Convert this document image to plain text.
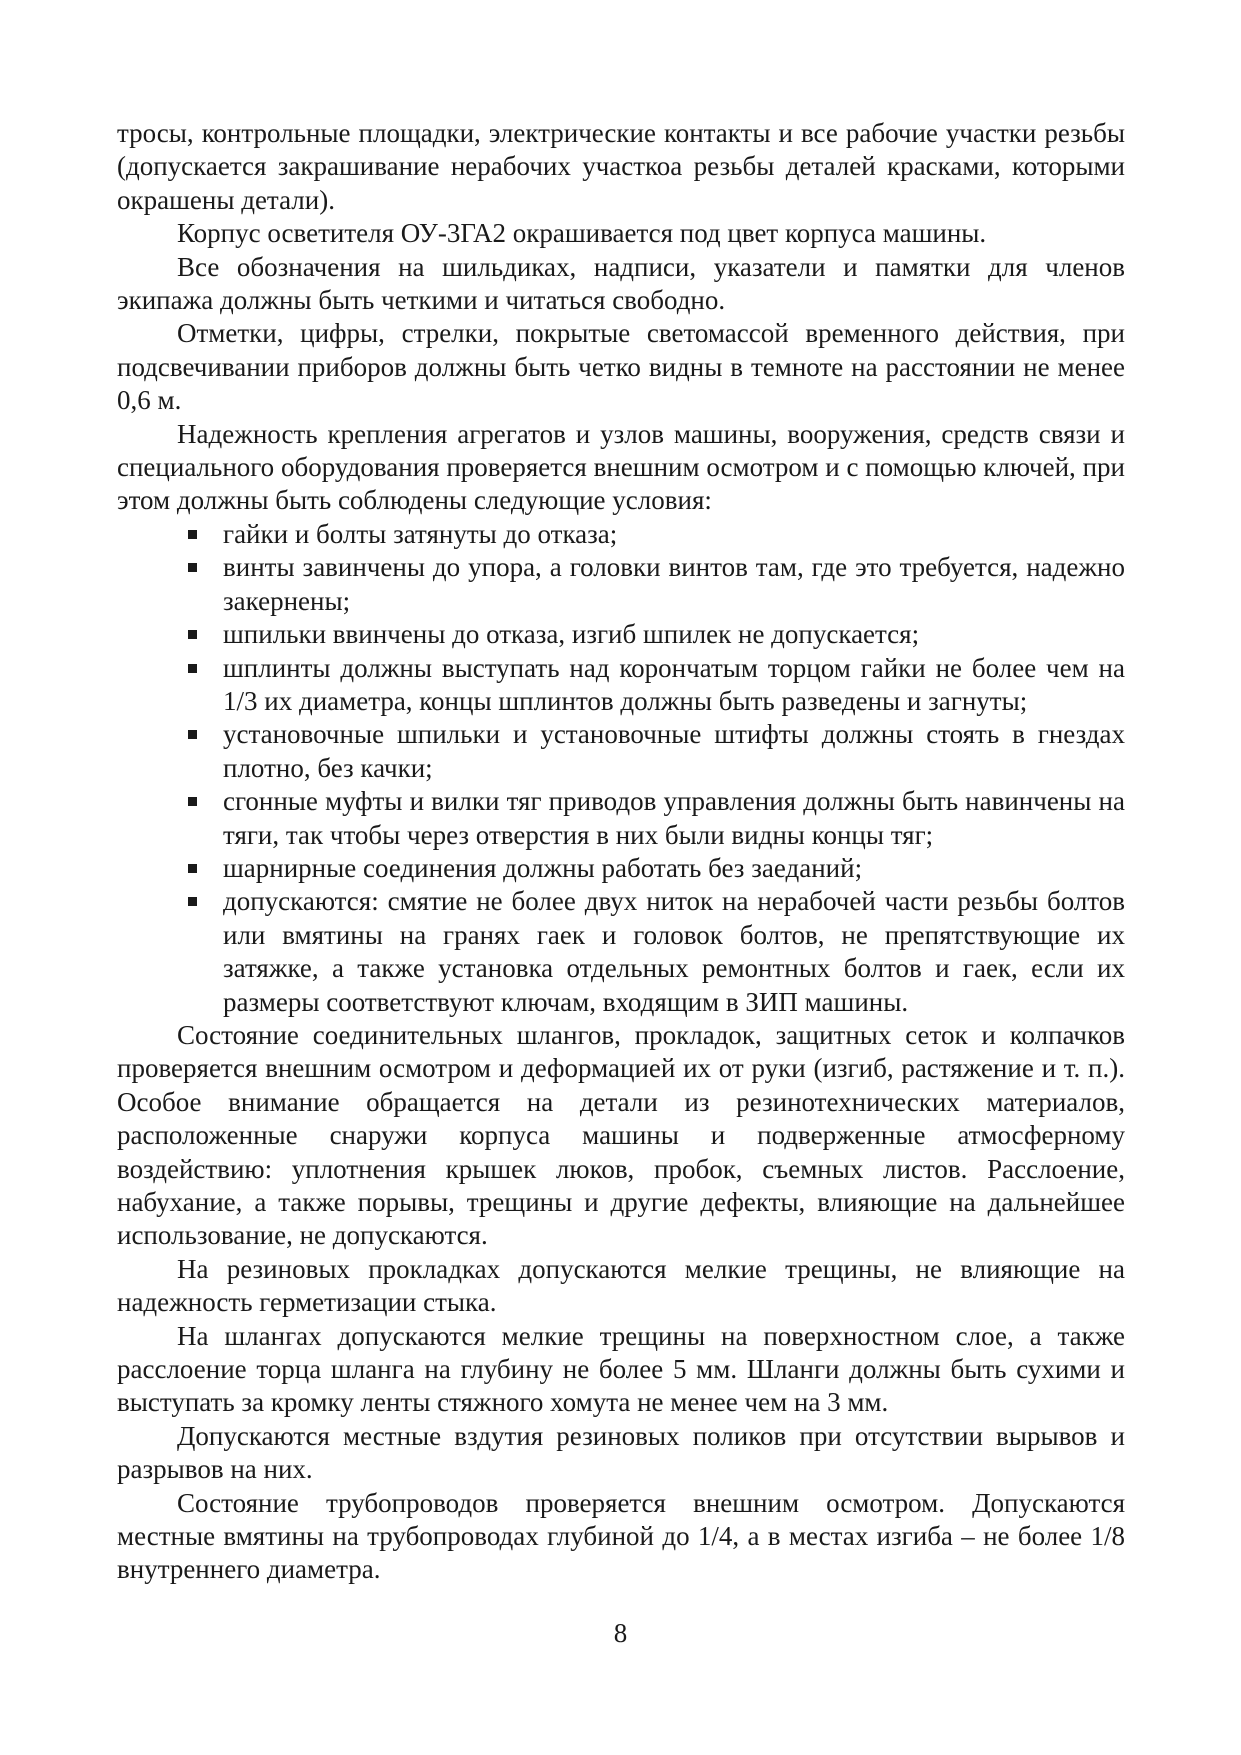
тросы, контрольные площадки, электрические контакты и все рабочие участки резьбы (допускается закрашивание нерабочих участкоа резьбы деталей красками, которыми окрашены детали).

Корпус осветителя ОУ-3ГА2 окрашивается под цвет корпуса машины.

Все обозначения на шильдиках, надписи, указатели и памятки для членов экипажа должны быть четкими и читаться свободно.

Отметки, цифры, стрелки, покрытые светомассой временного действия, при подсвечивании приборов должны быть четко видны в темноте на расстоянии не менее 0,6 м.

Надежность крепления агрегатов и узлов машины, вооружения, средств связи и специального оборудования проверяется внешним осмотром и с помощью ключей, при этом должны быть соблюдены следующие условия:

гайки и болты затянуты до отказа;
винты завинчены до упора, а головки винтов там, где это требуется, надежно закернены;
шпильки ввинчены до отказа, изгиб шпилек не допускается;
шплинты должны выступать над корончатым торцом гайки не более чем на 1/3 их диаметра, концы шплинтов должны быть разведены и загнуты;
установочные шпильки и установочные штифты должны стоять в гнездах плотно, без качки;
сгонные муфты и вилки тяг приводов управления должны быть навинчены на тяги, так чтобы через отверстия в них были видны концы тяг;
шарнирные соединения должны работать без заеданий;
допускаются: смятие не более двух ниток на нерабочей части резьбы болтов или вмятины на гранях гаек и головок болтов, не препятствующие их затяжке, а также установка отдельных ремонтных болтов и гаек, если их размеры соответствуют ключам, входящим в ЗИП машины.

Состояние соединительных шлангов, прокладок, защитных сеток и колпачков проверяется внешним осмотром и деформацией их от руки (изгиб, растяжение и т. п.). Особое внимание обращается на детали из резинотехнических материалов, расположенные снаружи корпуса машины и подверженные атмосферному воздействию: уплотнения крышек люков, пробок, съемных листов. Расслоение, набухание, а также порывы, трещины и другие дефекты, влияющие на дальнейшее использование, не допускаются.

На резиновых прокладках допускаются мелкие трещины, не влияющие на надежность герметизации стыка.

На шлангах допускаются мелкие трещины на поверхностном слое, а также расслоение торца шланга на глубину не более 5 мм. Шланги должны быть сухими и выступать за кромку ленты стяжного хомута не менее чем на 3 мм.

Допускаются местные вздутия резиновых поликов при отсутствии вырывов и разрывов на них.

Состояние трубопроводов проверяется внешним осмотром. Допускаются местные вмятины на трубопроводах глубиной до 1/4, а в местах изгиба – не более 1/8 внутреннего диаметра.

8
